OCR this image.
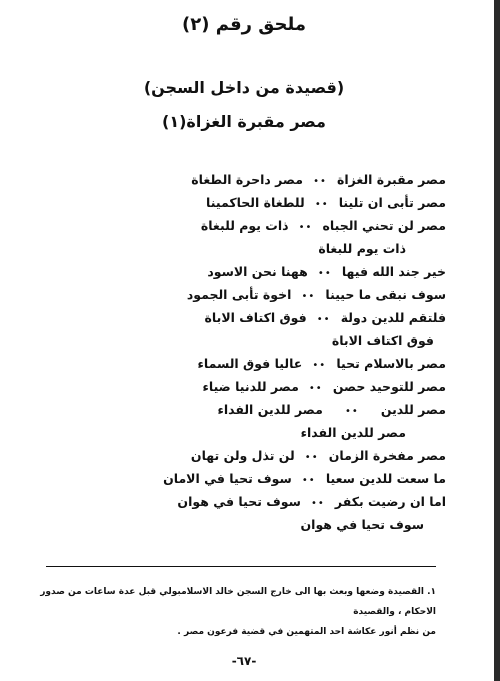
ملحق رقم (٢)
(قصيدة من داخل السجن)
مصر مقبرة الغزاة(١)
مصر مقبرة الغزاة••مصر داحرة الطغاة
مصر تأبى ان تلينا••للطغاة الحاكمينا
مصر لن تحني الجباه••ذات يوم للبغاة
ذات يوم للبغاة
خير جند الله فيها••ههنا نحن الاسود
سوف نبقى ما حيينا••اخوة تأبى الجمود
فلتقم للدين دولة••فوق اكتاف الاباة
فوق اكتاف الاباة
مصر بالاسلام تحيا••عاليا فوق السماء
مصر للتوحيد حصن••مصر للدنيا ضياء
مصر للدين••مصر للدين الفداء
مصر للدين الفداء
مصر مفخرة الزمان••لن تذل ولن تهان
ما سعت للدين سعيا••سوف تحيا في الامان
اما ان رضيت بكفر••سوف تحيا في هوان
سوف تحيا في هوان
١. القصيدة وضعها وبعث بها الى خارج السجن خالد الاسلامبولي قبل عدة ساعات من صدور الاحكام ، والقصيدة
من نظم أنور عكاشة احد المتهمين في قضية فرعون مصر .
-٦٧-
